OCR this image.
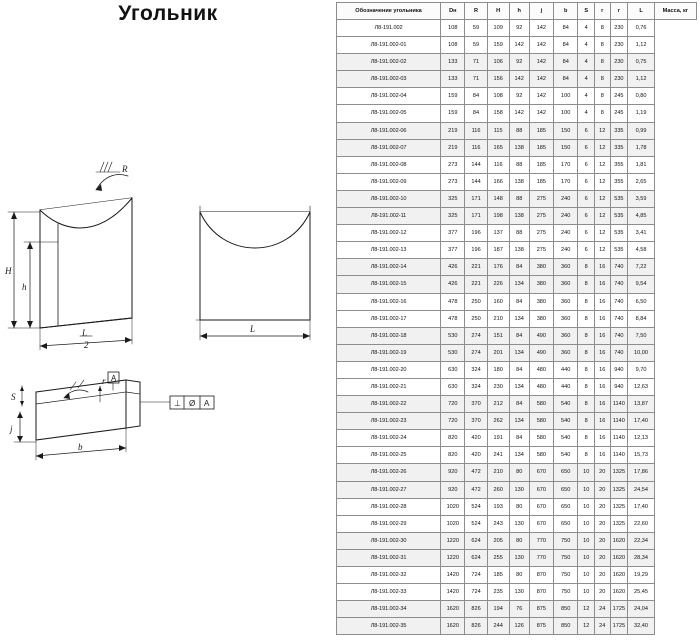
Угольник
H
h
L
2
R
L
S
j
r
b
A
⊥ Ø A
Обозначение угольника	Dн	R	H	h	j	b	S	г	r	L	Масса, кг
Л8-191.002	108	59	109	92	142	84	4	8	230	0,76	
Л8-191.002-01	108	59	159	142	142	84	4	8	230	1,12	
Л8-191.002-02	133	71	106	92	142	84	4	8	230	0,75	
Л8-191.002-03	133	71	156	142	142	84	4	8	230	1,12	
Л8-191.002-04	159	84	108	92	142	100	4	8	245	0,80	
Л8-191.002-05	159	84	158	142	142	100	4	8	245	1,19	
Л8-191.002-06	219	116	115	88	185	150	6	12	335	0,99	
Л8-191.002-07	219	116	165	138	185	150	6	12	335	1,78	
Л8-191.002-08	273	144	116	88	185	170	6	12	355	1,81	
Л8-191.002-09	273	144	166	138	185	170	6	12	355	2,65	
Л8-191.002-10	325	171	148	88	275	240	6	12	535	3,59	
Л8-191.002-11	325	171	198	138	275	240	6	12	535	4,85	
Л8-191.002-12	377	196	137	88	275	240	6	12	535	3,41	
Л8-191.002-13	377	196	187	138	275	240	6	12	535	4,58	
Л8-191.002-14	426	221	176	84	380	360	8	16	740	7,22	
Л8-191.002-15	426	221	226	134	380	360	8	16	740	9,54	
Л8-191.002-16	478	250	160	84	380	360	8	16	740	6,50	
Л8-191.002-17	478	250	210	134	380	360	8	16	740	8,84	
Л8-191.002-18	530	274	151	84	490	360	8	16	740	7,50	
Л8-191.002-19	530	274	201	134	490	360	8	16	740	10,00	
Л8-191.002-20	630	324	180	84	480	440	8	16	940	9,70	
Л8-191.002-21	630	324	230	134	480	440	8	16	940	12,63	
Л8-191.002-22	720	370	212	84	580	540	8	16	1140	13,87	
Л8-191.002-23	720	370	262	134	580	540	8	16	1140	17,40	
Л8-191.002-24	820	420	191	84	580	540	8	16	1140	12,13	
Л8-191.002-25	820	420	241	134	580	540	8	16	1140	15,73	
Л8-191.002-26	920	472	210	80	670	650	10	20	1325	17,86	
Л8-191.002-27	920	472	260	130	670	650	10	20	1325	24,54	
Л8-191.002-28	1020	524	193	80	670	650	10	20	1325	17,40	
Л8-191.002-29	1020	524	243	130	670	650	10	20	1325	22,60	
Л8-191.002-30	1220	624	205	80	770	750	10	20	1620	22,34	
Л8-191.002-31	1220	624	255	130	770	750	10	20	1620	28,34	
Л8-191.002-32	1420	724	185	80	870	750	10	20	1620	19,29	
Л8-191.002-33	1420	724	235	130	870	750	10	20	1620	25,45	
Л8-191.002-34	1620	826	194	76	875	850	12	24	1725	24,04	
Л8-191.002-35	1620	826	244	126	875	850	12	24	1725	32,40	
